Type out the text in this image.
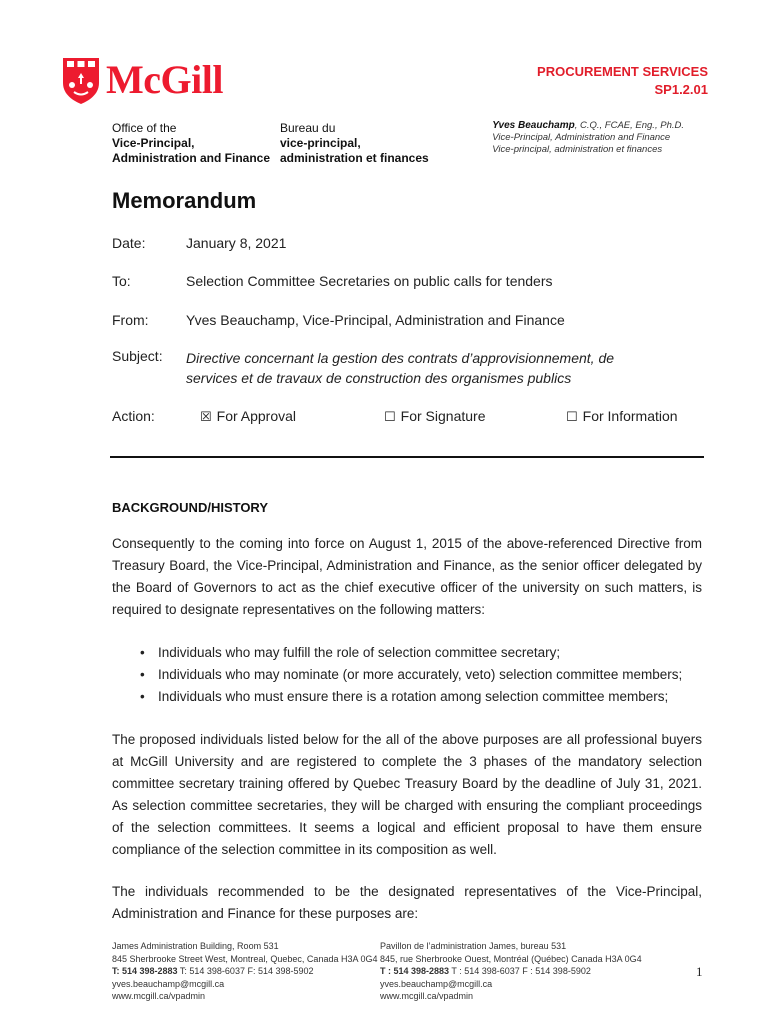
McGill	PROCUREMENT SERVICES
SP1.2.01
Office of the
Vice-Principal,
Administration and Finance
Bureau du
vice-principal,
administration et finances
Yves Beauchamp, C.Q., FCAE, Eng., Ph.D.
Vice-Principal, Administration and Finance
Vice-principal, administration et finances
Memorandum
Date:	January 8, 2021
To:	Selection Committee Secretaries on public calls for tenders
From:	Yves Beauchamp, Vice-Principal, Administration and Finance
Subject: Directive concernant la gestion des contrats d’approvisionnement, de services et de travaux de construction des organismes publics
Action:	☒ For Approval	☐ For Signature	☐ For Information
BACKGROUND/HISTORY
Consequently to the coming into force on August 1, 2015 of the above-referenced Directive from Treasury Board, the Vice-Principal, Administration and Finance, as the senior officer delegated by the Board of Governors to act as the chief executive officer of the university on such matters, is required to designate representatives on the following matters:
• Individuals who may fulfill the role of selection committee secretary;
• Individuals who may nominate (or more accurately, veto) selection committee members;
• Individuals who must ensure there is a rotation among selection committee members;
The proposed individuals listed below for the all of the above purposes are all professional buyers at McGill University and are registered to complete the 3 phases of the mandatory selection committee secretary training offered by Quebec Treasury Board by the deadline of July 31, 2021. As selection committee secretaries, they will be charged with ensuring the compliant proceedings of the selection committees. It seems a logical and efficient proposal to have them ensure compliance of the selection committee in its composition as well.
The individuals recommended to be the designated representatives of the Vice-Principal, Administration and Finance for these purposes are:
James Administration Building, Room 531
845 Sherbrooke Street West, Montreal, Quebec, Canada H3A 0G4
T: 514 398-2883 T: 514 398-6037 F: 514 398-5902
yves.beauchamp@mcgill.ca
www.mcgill.ca/vpadmin
Pavillon de l’administration James, bureau 531
845, rue Sherbrooke Ouest, Montréal (Québec) Canada H3A 0G4
T : 514 398-2883 T : 514 398-6037 F : 514 398-5902
yves.beauchamp@mcgill.ca
www.mcgill.ca/vpadmin
1
